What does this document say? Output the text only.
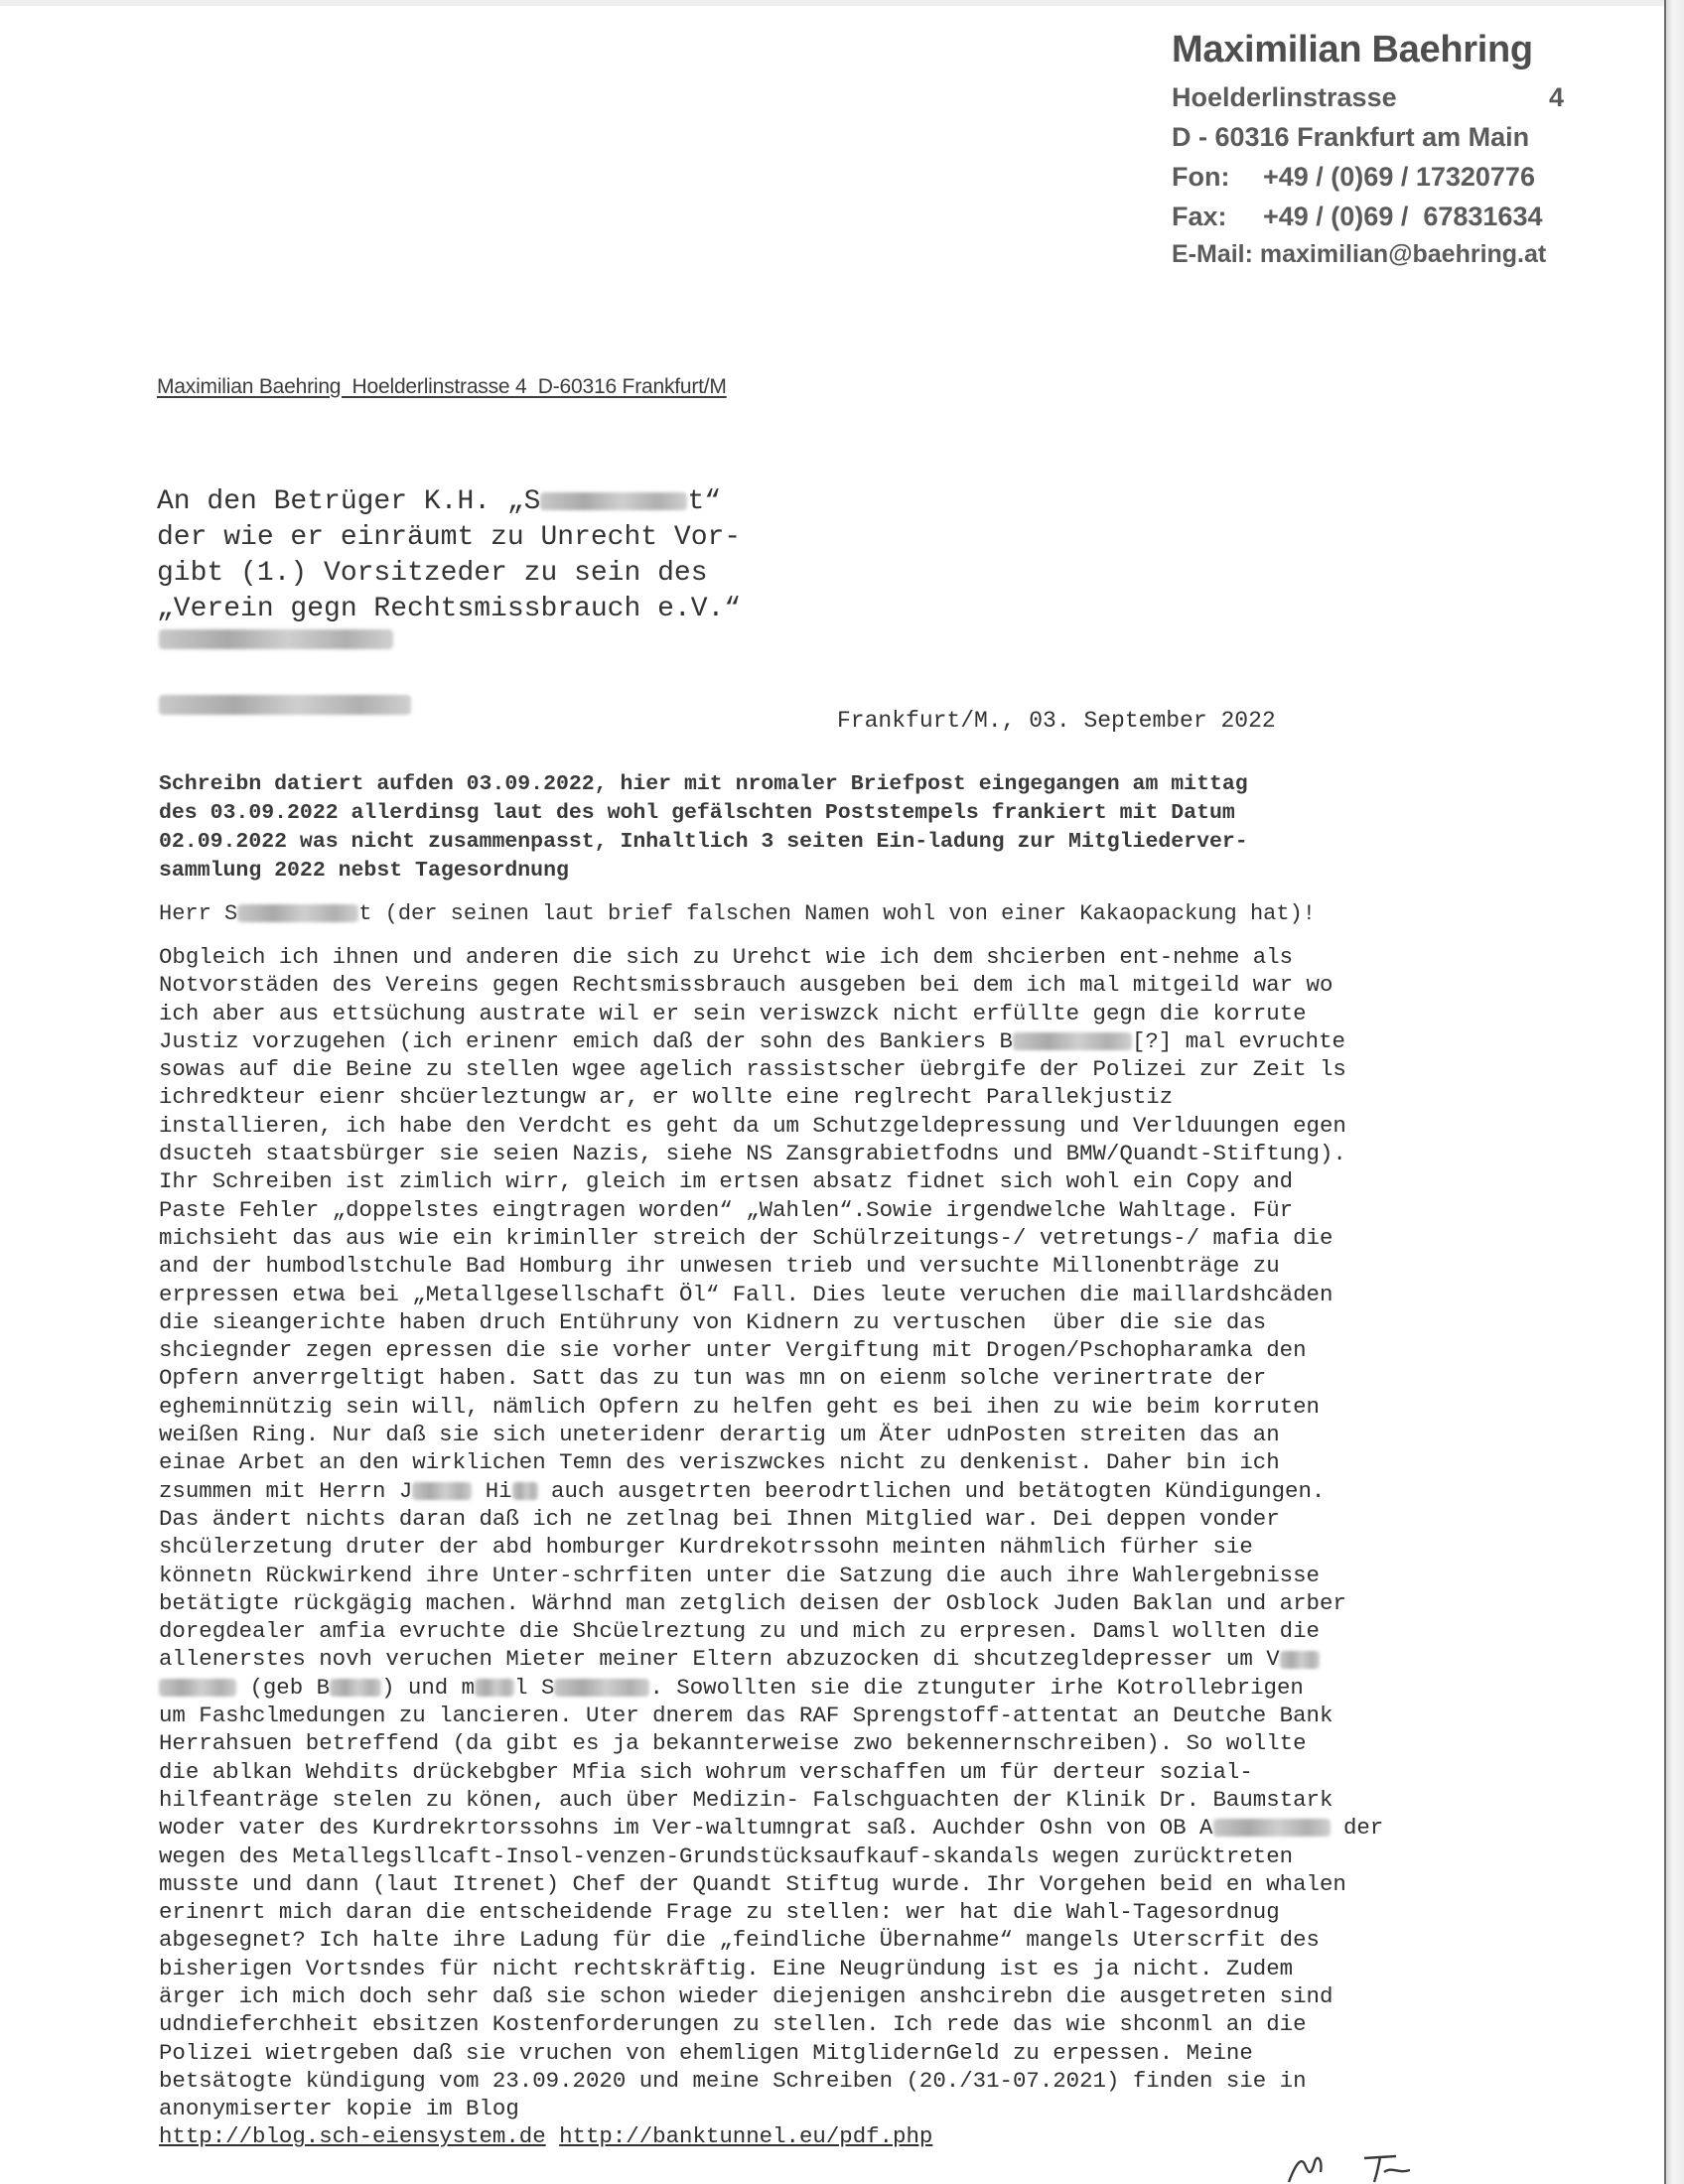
Maximilian Baehring
Hoelderlinstrasse	4
D - 60316 Frankfurt am Main
Fon:	+49 / (0)69 / 17320776
Fax:	+49 / (0)69 /  67831634
E-Mail: maximilian@baehring.at
Maximilian Baehring  Hoelderlinstrasse 4  D-60316 Frankfurt/M
An den Betrüger K.H. „S	t“
der wie er einräumt zu Unrecht Vor-
gibt (1.) Vorsitzeder zu sein des
„Verein gegn Rechtsmissbrauch e.V.“
Frankfurt/M., 03. September 2022
Schreibn datiert aufden 03.09.2022, hier mit nromaler Briefpost eingegangen am mittag
des 03.09.2022 allerdinsg laut des wohl gefälschten Poststempels frankiert mit Datum
02.09.2022 was nicht zusammenpasst, Inhaltlich 3 seiten Ein-ladung zur Mitgliederver-
sammlung 2022 nebst Tagesordnung
Herr S	t (der seinen laut brief falschen Namen wohl von einer Kakaopackung hat)!
Obgleich ich ihnen und anderen die sich zu Urehct wie ich dem shcierben ent-nehme als
Notvorstäden des Vereins gegen Rechtsmissbrauch ausgeben bei dem ich mal mitgeild war wo
ich aber aus ettsüchung austrate wil er sein veriswzck nicht erfüllte gegn die korrute
Justiz vorzugehen (ich erinenr emich daß der sohn des Bankiers B	[?] mal evruchte
sowas auf die Beine zu stellen wgee agelich rassistscher üebrgife der Polizei zur Zeit ls
ichredkteur eienr shcüerleztungw ar, er wollte eine reglrecht Parallekjustiz
installieren, ich habe den Verdcht es geht da um Schutzgeldepressung und Verlduungen egen
dsucteh staatsbürger sie seien Nazis, siehe NS Zansgrabietfodns und BMW/Quandt-Stiftung).
Ihr Schreiben ist zimlich wirr, gleich im ertsen absatz fidnet sich wohl ein Copy and
Paste Fehler „doppelstes eingtragen worden“ „Wahlen“.Sowie irgendwelche Wahltage. Für
michsieht das aus wie ein kriminller streich der Schülrzeitungs-/ vetretungs-/ mafia die
and der humbodlstchule Bad Homburg ihr unwesen trieb und versuchte Millonenbträge zu
erpressen etwa bei „Metallgesellschaft Öl“ Fall. Dies leute veruchen die maillardshcäden
die sieangerichte haben druch Entühruny von Kidnern zu vertuschen  über die sie das
shciegnder zegen epressen die sie vorher unter Vergiftung mit Drogen/Pschopharamka den
Opfern anverrgeltigt haben. Satt das zu tun was mn on eienm solche verinertrate der
egheminnützig sein will, nämlich Opfern zu helfen geht es bei ihen zu wie beim korruten
weißen Ring. Nur daß sie sich uneteridenr derartig um Äter udnPosten streiten das an
einae Arbet an den wirklichen Temn des veriszwckes nicht zu denkenist. Daher bin ich
zsummen mit Herrn J	Hi auch ausgetrten beerodrtlichen und betätogten Kündigungen.
Das ändert nichts daran daß ich ne zetlnag bei Ihnen Mitglied war. Dei deppen vonder
shcülerzetung druter der abd homburger Kurdrekotrssohn meinten nähmlich fürher sie
könnetn Rückwirkend ihre Unter-schrfiten unter die Satzung die auch ihre Wahlergebnisse
betätigte rückgägig machen. Wärhnd man zetglich deisen der Osblock Juden Baklan und arber
doregdealer amfia evruchte die Shcüelreztung zu und mich zu erpresen. Damsl wollten die
allenerstes novh veruchen Mieter meiner Eltern abzuzocken di shcutzegldepresser um V
(geb B ) und m l S	. Sowollten sie die ztunguter irhe Kotrollebrigen
um Fashclmedungen zu lancieren. Uter dnerem das RAF Sprengstoff-attentat an Deutche Bank
Herrahsuen betreffend (da gibt es ja bekannterweise zwo bekennernschreiben). So wollte
die ablkan Wehdits drückebgber Mfia sich wohrum verschaffen um für derteur sozial-
hilfeanträge stelen zu könen, auch über Medizin- Falschguachten der Klinik Dr. Baumstark
woder vater des Kurdrekrtorssohns im Ver-waltumngrat saß. Auchder Oshn von OB A	der
wegen des Metallegsllcaft-Insol-venzen-Grundstücksaufkauf-skandals wegen zurücktreten
musste und dann (laut Itrenet) Chef der Quandt Stiftug wurde. Ihr Vorgehen beid en whalen
erinenrt mich daran die entscheidende Frage zu stellen: wer hat die Wahl-Tagesordnug
abgesegnet? Ich halte ihre Ladung für die „feindliche Übernahme“ mangels Uterscrfit des
bisherigen Vortsndes für nicht rechtskräftig. Eine Neugründung ist es ja nicht. Zudem
ärger ich mich doch sehr daß sie schon wieder diejenigen anshcirebn die ausgetreten sind
udndieferchheit ebsitzen Kostenforderungen zu stellen. Ich rede das wie shconml an die
Polizei wietrgeben daß sie vruchen von ehemligen MitglidernGeld zu erpessen. Meine
betsätogte kündigung vom 23.09.2020 und meine Schreiben (20./31-07.2021) finden sie in
anonymiserter kopie im Blog
http://blog.sch-eiensystem.de http://banktunnel.eu/pdf.php
